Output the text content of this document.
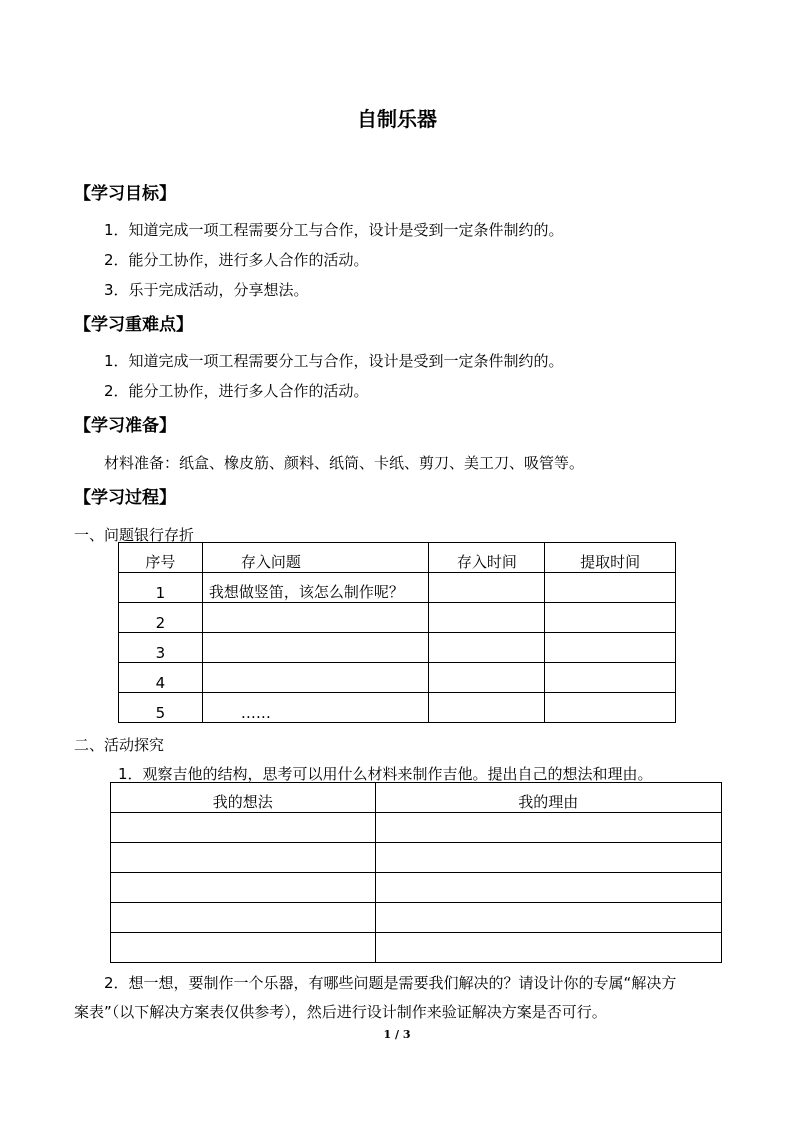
自制乐器
【学习目标】
1．知道完成一项工程需要分工与合作，设计是受到一定条件制约的。
2．能分工协作，进行多人合作的活动。
3．乐于完成活动，分享想法。
【学习重难点】
1．知道完成一项工程需要分工与合作，设计是受到一定条件制约的。
2．能分工协作，进行多人合作的活动。
【学习准备】
材料准备：纸盒、橡皮筋、颜料、纸筒、卡纸、剪刀、美工刀、吸管等。
【学习过程】
一、问题银行存折
序号	存入问题	存入时间	提取时间
1	我想做竖笛，该怎么制作呢？		
2			
3			
4			
5	……		
二、活动探究
1．观察吉他的结构，思考可以用什么材料来制作吉他。提出自己的想法和理由。
我的想法	我的理由

2．想一想，要制作一个乐器，有哪些问题是需要我们解决的？请设计你的专属“解决方
案表”（以下解决方案表仅供参考），然后进行设计制作来验证解决方案是否可行。
1 / 3
